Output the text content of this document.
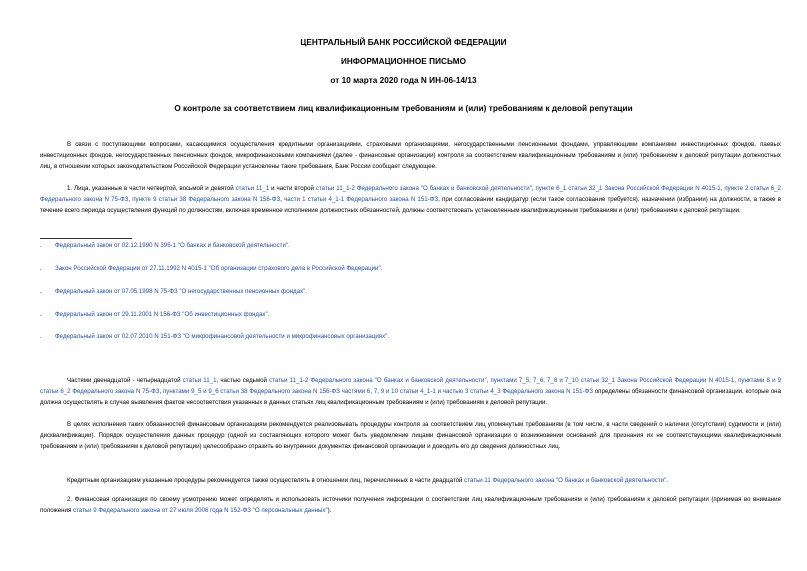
ЦЕНТРАЛЬНЫЙ БАНК РОССИЙСКОЙ ФЕДЕРАЦИИ
ИНФОРМАЦИОННОЕ ПИСЬМО
от 10 марта 2020 года N ИН-06-14/13
О контроле за соответствием лиц квалификационным требованиям и (или) требованиям к деловой репутации
В связи с поступающими вопросами, касающимися осуществления кредитными организациями, страховыми организациями, негосударственными пенсионными фондами, управляющими компаниями инвестиционных фондов, паевых инвестиционных фондов, негосударственных пенсионных фондов, микрофинансовыми компаниями (далее - финансовые организации) контроля за соответствием квалификационным требованиям и (или) требованиям к деловой репутации должностных лиц, в отношении которых законодательством Российской Федерации установлены такие требования, Банк России сообщает следующее.
1. Лица, указанные в части четвертой, восьмой и девятой статьи 11_1 и части второй статьи 11_1-2 Федерального закона "О банках и банковской деятельности", пункте 6_1 статьи 32_1 Закона Российской Федерации N 4015-1, пункте 2 статьи 6_2 Федерального закона N 75-ФЗ, пункте 9 статьи 38 Федерального закона N 156-ФЗ, части 1 статьи 4_1-1 Федерального закона N 151-ФЗ, при согласовании кандидатур (если такое согласование требуется), назначении (избрании) на должности, а также в течение всего периода осуществления функций по должностям, включая временное исполнение должностных обязанностей, должны соответствовать установленным квалификационным требованиям и (или) требованиям к деловой репутации.
. Федеральный закон от 02.12.1990 N 395-1 "О банках и банковской деятельности".
. Закон Российской Федерации от 27.11.1992 N 4015-1 "Об организации страхового дела в Российской Федерации".
. Федеральный закон от 07.05.1998 N 75-ФЗ "О негосударственных пенсионных фондах".
. Федеральный закон от 29.11.2001 N 156-ФЗ "Об инвестиционных фондах".
. Федеральный закон от 02.07.2010 N 151-ФЗ "О микрофинансовой деятельности и микрофинансовых организациях".
Частями двенадцатой - четырнадцатой статьи 11_1, частью седьмой статьи 11_1-2 Федерального закона "О банках и банковской деятельности", пунктами 7_5, 7_6, 7_8 и 7_10 статьи 32_1 Закона Российской Федерации N 4015-1, пунктами 8 и 9 статьи 6_2 Федерального закона N 75-ФЗ, пунктами 9_5 и 9_6 статьи 38 Федерального закона N 156-ФЗ частями 6, 7, 9 и 10 статьи 4_1-1 и частью 3 статьи 4_3 Федерального закона N 151-ФЗ определены обязанности финансовой организации, которые она должна осуществлять в случае выявления фактов несоответствия указанных в данных статьях лиц квалификационным требованиям и (или) требованиям к деловой репутации.
В целях исполнения таких обязанностей финансовым организациям рекомендуется реализовывать процедуры контроля за соответствием лиц упомянутым требованиям (в том числе, в части сведений о наличии (отсутствии) судимости и (или) дисквалификации). Порядок осуществления данных процедур (одной из составляющих которого может быть уведомление лицами финансовой организации о возникновении оснований для признания их не соответствующими квалификационным требованиям и (или) требованиям к деловой репутации) целесообразно отразить во внутренних документах финансовой организации и доводить его до сведения должностных лиц.
Кредитным организациям указанные процедуры рекомендуется также осуществлять в отношении лиц, перечисленных в части двадцатой статьи 11 Федерального закона "О банках и банковской деятельности".
2. Финансовая организация по своему усмотрению может определять и использовать источники получения информации о соответствии лиц квалификационным требованиям и (или) требованиям к деловой репутации (принимая во внимание положения статьи 9 Федерального закона от 27 июля 2006 года N 152-ФЗ "О персональных данных").
